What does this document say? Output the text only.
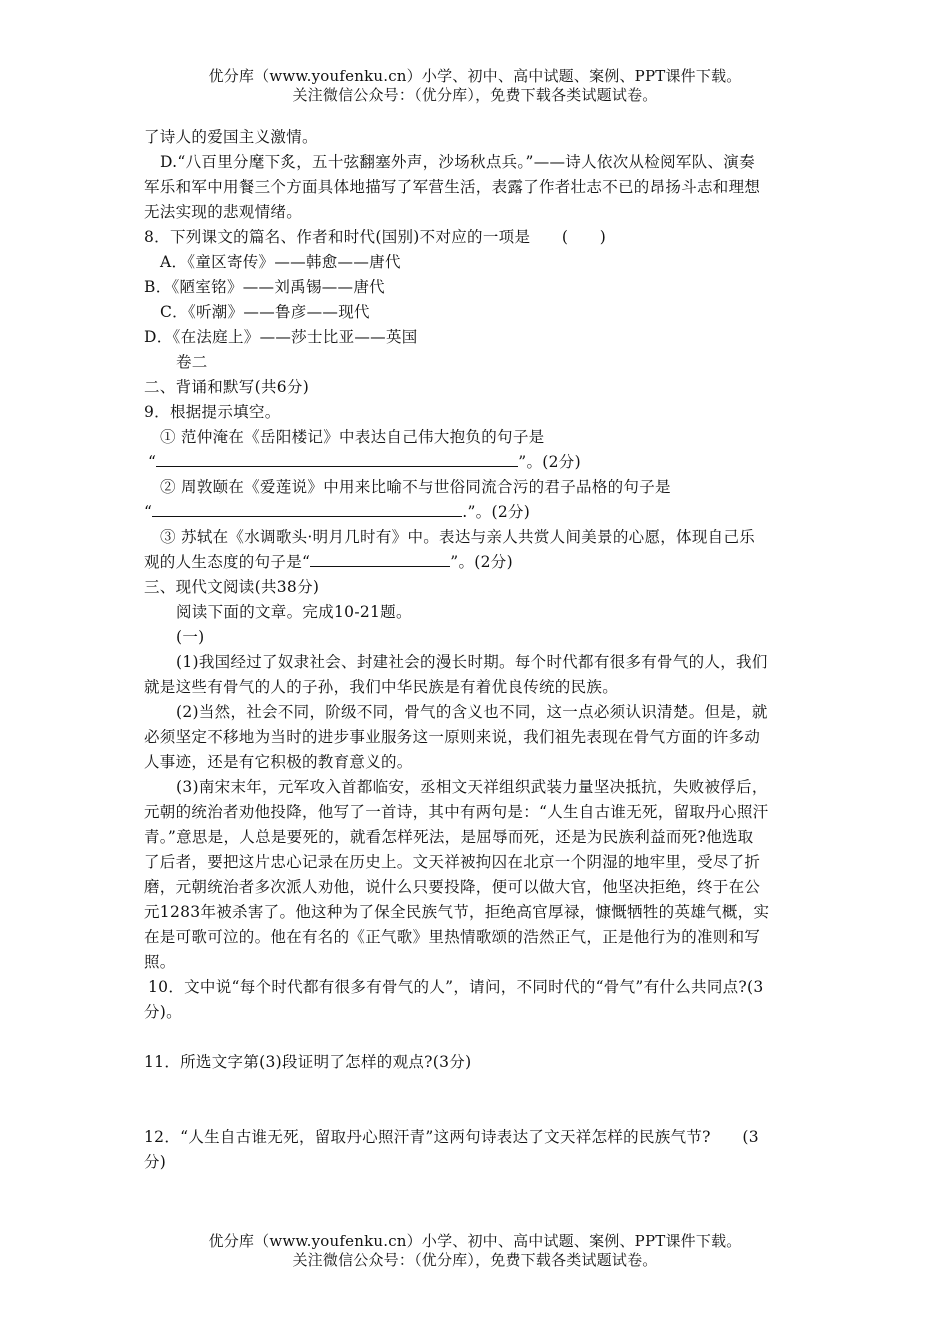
优分库（www.youfenku.cn）小学、初中、高中试题、案例、PPT课件下载。
关注微信公众号：（优分库），免费下载各类试题试卷。
了诗人的爱国主义激情。
D.“八百里分麾下炙，五十弦翻塞外声，沙场秋点兵。”——诗人依次从检阅军队、演奏
军乐和军中用餐三个方面具体地描写了军营生活，表露了作者壮志不已的昂扬斗志和理想
无法实现的悲观情绪。
8．下列课文的篇名、作者和时代(国别)不对应的一项是　　(　　)
A．《童区寄传》——韩愈——唐代
B．《陋室铭》——刘禹锡——唐代
C．《听潮》——鲁彦——现代
D．《在法庭上》——莎士比亚——英国
卷二
二、背诵和默写(共6分)
9．根据提示填空。
① 范仲淹在《岳阳楼记》中表达自己伟大抱负的句子是
“	”。(2分)
② 周敦颐在《爱莲说》中用来比喻不与世俗同流合污的君子品格的句子是
“	.”。(2分)
③ 苏轼在《水调歌头·明月几时有》中。表达与亲人共赏人间美景的心愿，体现自己乐
观的人生态度的句子是“	”。(2分)
三、现代文阅读(共38分)
阅读下面的文章。完成10-21题。
(一)
(1)我国经过了奴隶社会、封建社会的漫长时期。每个时代都有很多有骨气的人，我们
就是这些有骨气的人的子孙，我们中华民族是有着优良传统的民族。
(2)当然，社会不同，阶级不同，骨气的含义也不同，这一点必须认识清楚。但是，就
必须坚定不移地为当时的进步事业服务这一原则来说，我们祖先表现在骨气方面的许多动
人事迹，还是有它积极的教育意义的。
(3)南宋末年，元军攻入首都临安，丞相文天祥组织武装力量坚决抵抗，失败被俘后，
元朝的统治者劝他投降，他写了一首诗，其中有两句是：“人生自古谁无死，留取丹心照汗
青。”意思是，人总是要死的，就看怎样死法，是屈辱而死，还是为民族利益而死?他选取
了后者，要把这片忠心记录在历史上。文天祥被拘囚在北京一个阴湿的地牢里，受尽了折
磨，元朝统治者多次派人劝他，说什么只要投降，便可以做大官，他坚决拒绝，终于在公
元1283年被杀害了。他这种为了保全民族气节，拒绝高官厚禄，慷慨牺牲的英雄气概，实
在是可歌可泣的。他在有名的《正气歌》里热情歌颂的浩然正气，正是他行为的准则和写
照。
10．文中说“每个时代都有很多有骨气的人”，请问，不同时代的“骨气”有什么共同点?(3
分)。
11．所选文字第(3)段证明了怎样的观点?(3分)
12．“人生自古谁无死，留取丹心照汗青”这两句诗表达了文天祥怎样的民族气节?　　(3
分)
优分库（www.youfenku.cn）小学、初中、高中试题、案例、PPT课件下载。
关注微信公众号：（优分库），免费下载各类试题试卷。
